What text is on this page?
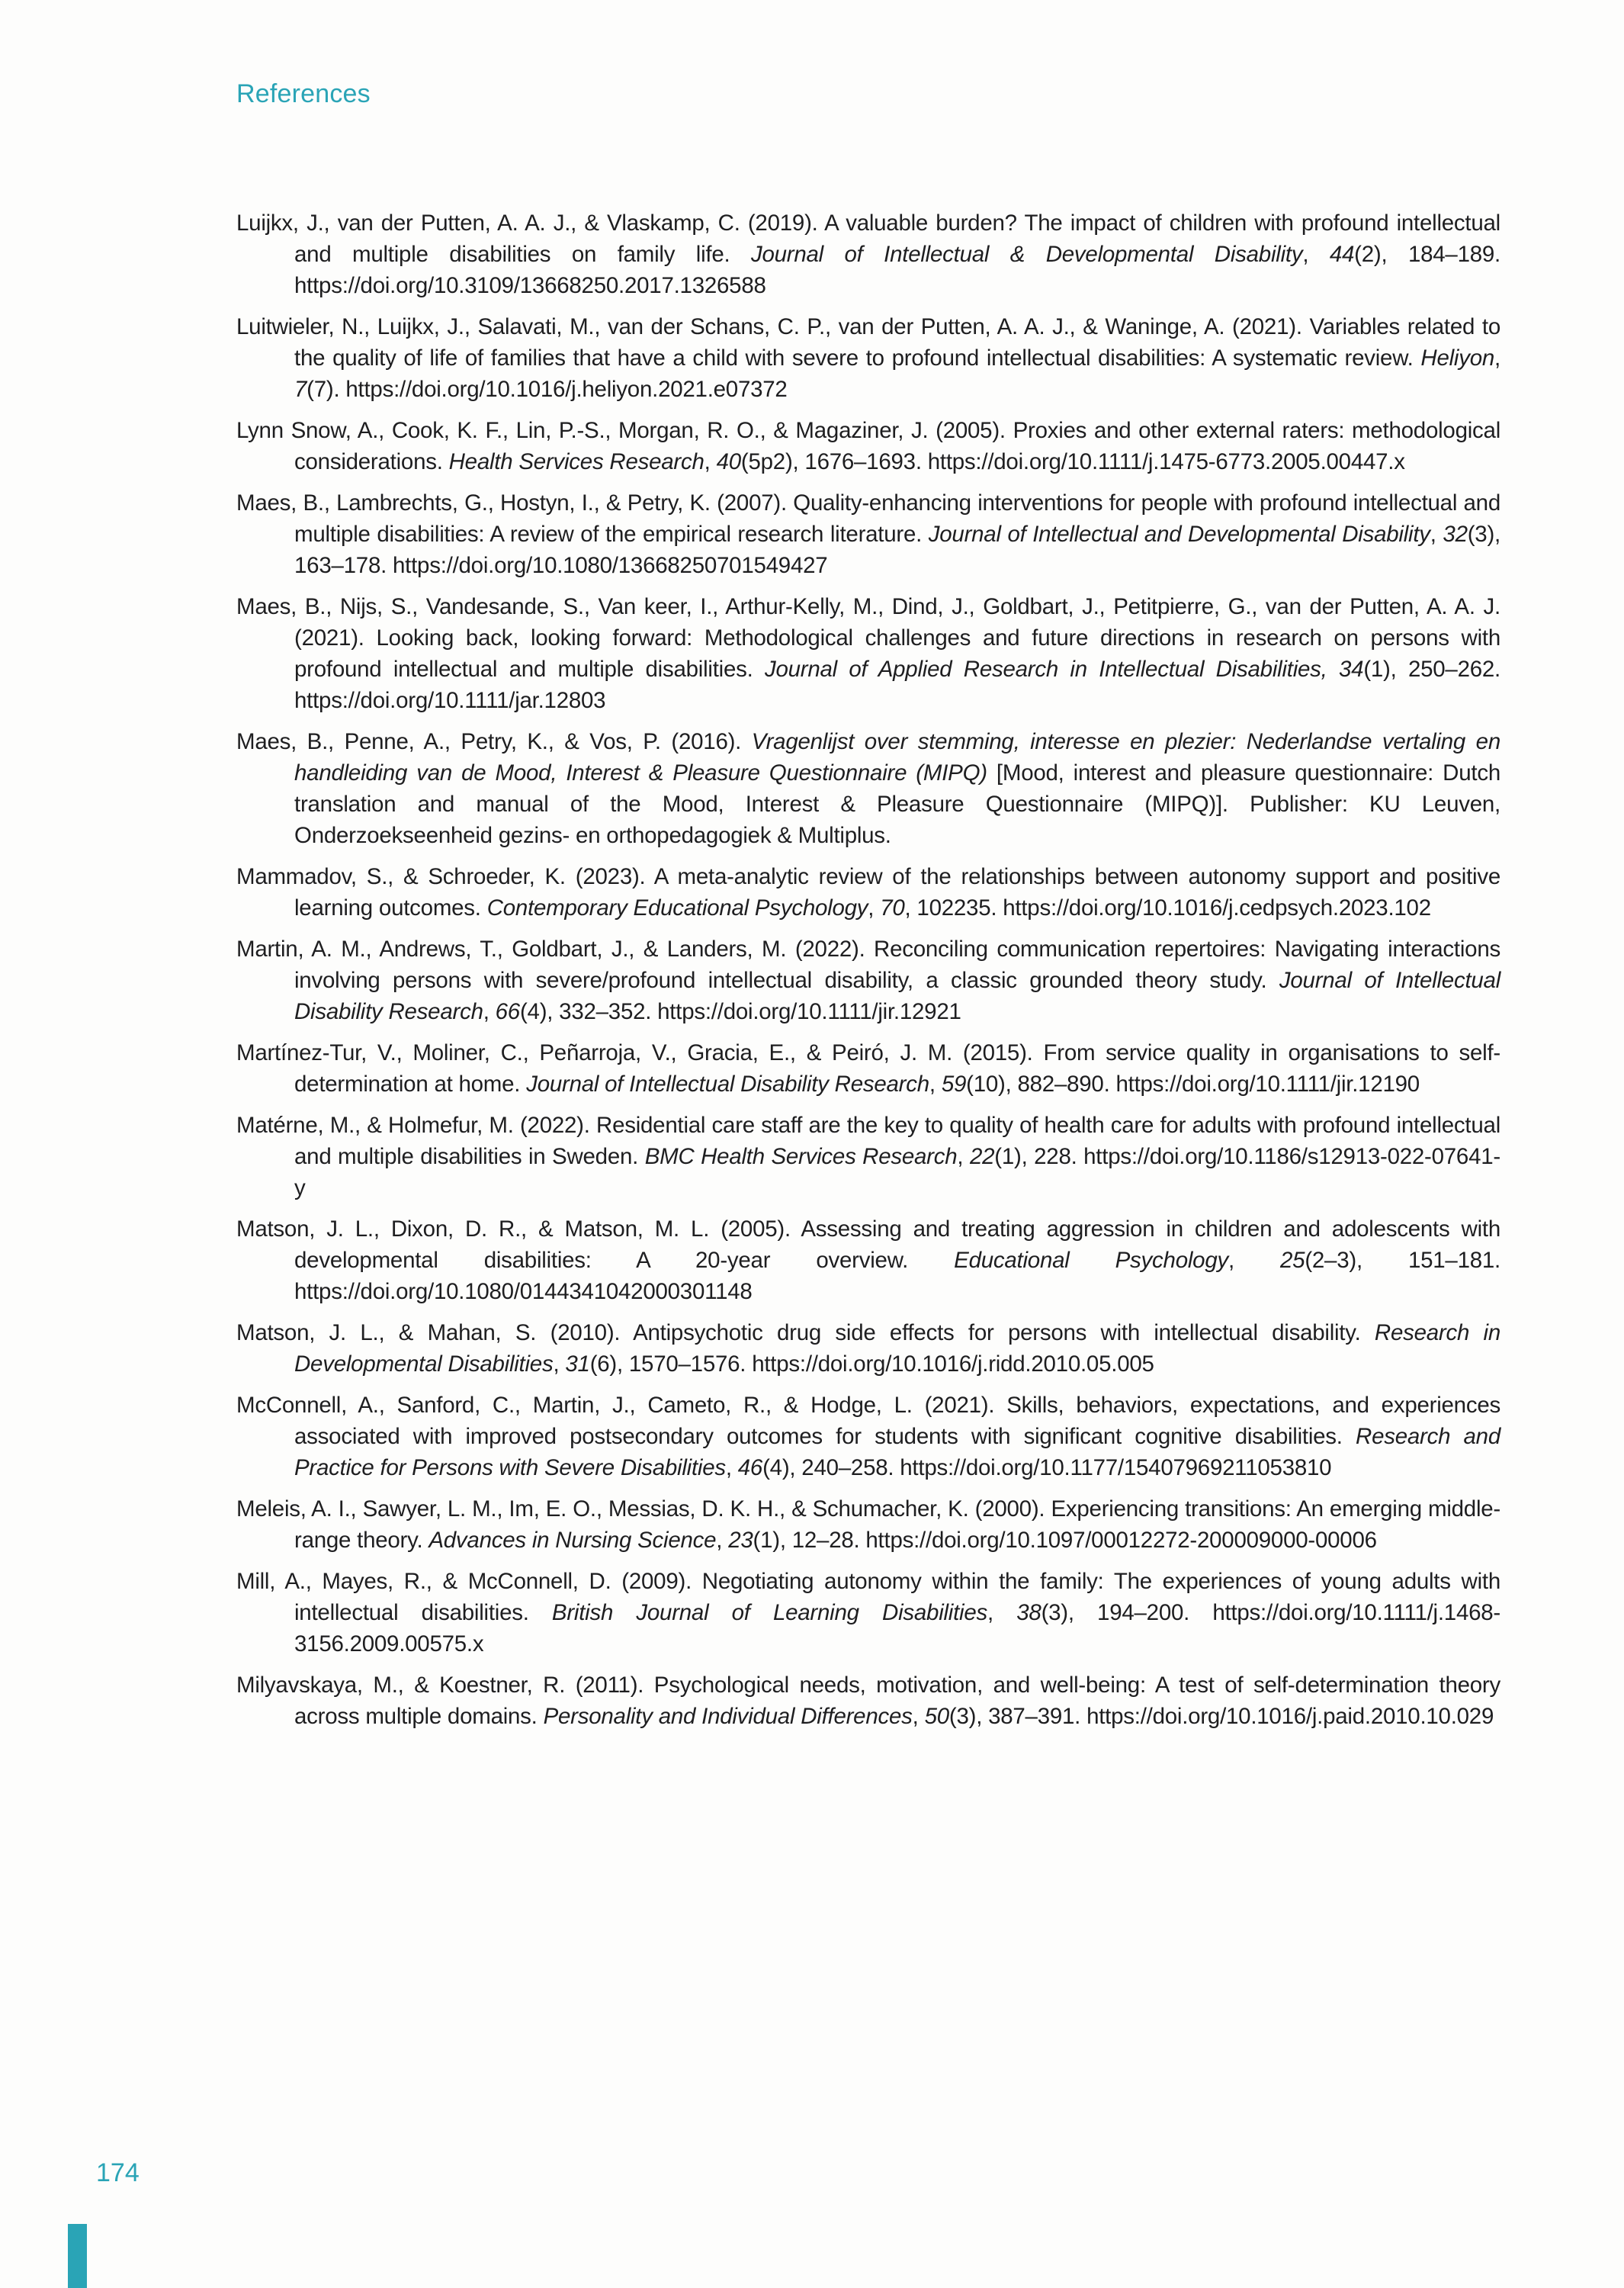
References

Luijkx, J., van der Putten, A. A. J., & Vlaskamp, C. (2019). A valuable burden? The impact of children with profound intellectual and multiple disabilities on family life. Journal of Intellectual & Developmental Disability, 44(2), 184–189. https://doi.org/10.3109/13668250.2017.1326588

Luitwieler, N., Luijkx, J., Salavati, M., van der Schans, C. P., van der Putten, A. A. J., & Waninge, A. (2021). Variables related to the quality of life of families that have a child with severe to profound intellectual disabilities: A systematic review. Heliyon, 7(7). https://doi.org/10.1016/j.heliyon.2021.e07372

Lynn Snow, A., Cook, K. F., Lin, P.-S., Morgan, R. O., & Magaziner, J. (2005). Proxies and other external raters: methodological considerations. Health Services Research, 40(5p2), 1676–1693. https://doi.org/10.1111/j.1475-6773.2005.00447.x

Maes, B., Lambrechts, G., Hostyn, I., & Petry, K. (2007). Quality-enhancing interventions for people with profound intellectual and multiple disabilities: A review of the empirical research literature. Journal of Intellectual and Developmental Disability, 32(3), 163–178. https://doi.org/10.1080/13668250701549427

Maes, B., Nijs, S., Vandesande, S., Van keer, I., Arthur-Kelly, M., Dind, J., Goldbart, J., Petitpierre, G., van der Putten, A. A. J. (2021). Looking back, looking forward: Methodological challenges and future directions in research on persons with profound intellectual and multiple disabilities. Journal of Applied Research in Intellectual Disabilities, 34(1), 250–262. https://doi.org/10.1111/jar.12803

Maes, B., Penne, A., Petry, K., & Vos, P. (2016). Vragenlijst over stemming, interesse en plezier: Nederlandse vertaling en handleiding van de Mood, Interest & Pleasure Questionnaire (MIPQ) [Mood, interest and pleasure questionnaire: Dutch translation and manual of the Mood, Interest & Pleasure Questionnaire (MIPQ)]. Publisher: KU Leuven, Onderzoekseenheid gezins- en orthopedagogiek & Multiplus.

Mammadov, S., & Schroeder, K. (2023). A meta-analytic review of the relationships between autonomy support and positive learning outcomes. Contemporary Educational Psychology, 70, 102235. https://doi.org/10.1016/j.cedpsych.2023.102

Martin, A. M., Andrews, T., Goldbart, J., & Landers, M. (2022). Reconciling communication repertoires: Navigating interactions involving persons with severe/profound intellectual disability, a classic grounded theory study. Journal of Intellectual Disability Research, 66(4), 332–352. https://doi.org/10.1111/jir.12921

Martínez-Tur, V., Moliner, C., Peñarroja, V., Gracia, E., & Peiró, J. M. (2015). From service quality in organisations to self-determination at home. Journal of Intellectual Disability Research, 59(10), 882–890. https://doi.org/10.1111/jir.12190

Matérne, M., & Holmefur, M. (2022). Residential care staff are the key to quality of health care for adults with profound intellectual and multiple disabilities in Sweden. BMC Health Services Research, 22(1), 228. https://doi.org/10.1186/s12913-022-07641-y

Matson, J. L., Dixon, D. R., & Matson, M. L. (2005). Assessing and treating aggression in children and adolescents with developmental disabilities: A 20-year overview. Educational Psychology, 25(2–3), 151–181. https://doi.org/10.1080/0144341042000301148

Matson, J. L., & Mahan, S. (2010). Antipsychotic drug side effects for persons with intellectual disability. Research in Developmental Disabilities, 31(6), 1570–1576. https://doi.org/10.1016/j.ridd.2010.05.005

McConnell, A., Sanford, C., Martin, J., Cameto, R., & Hodge, L. (2021). Skills, behaviors, expectations, and experiences associated with improved postsecondary outcomes for students with significant cognitive disabilities. Research and Practice for Persons with Severe Disabilities, 46(4), 240–258. https://doi.org/10.1177/15407969211053810

Meleis, A. I., Sawyer, L. M., Im, E. O., Messias, D. K. H., & Schumacher, K. (2000). Experiencing transitions: An emerging middle-range theory. Advances in Nursing Science, 23(1), 12–28. https://doi.org/10.1097/00012272-200009000-00006

Mill, A., Mayes, R., & McConnell, D. (2009). Negotiating autonomy within the family: The experiences of young adults with intellectual disabilities. British Journal of Learning Disabilities, 38(3), 194–200. https://doi.org/10.1111/j.1468-3156.2009.00575.x

Milyavskaya, M., & Koestner, R. (2011). Psychological needs, motivation, and well-being: A test of self-determination theory across multiple domains. Personality and Individual Differences, 50(3), 387–391. https://doi.org/10.1016/j.paid.2010.10.029

174
